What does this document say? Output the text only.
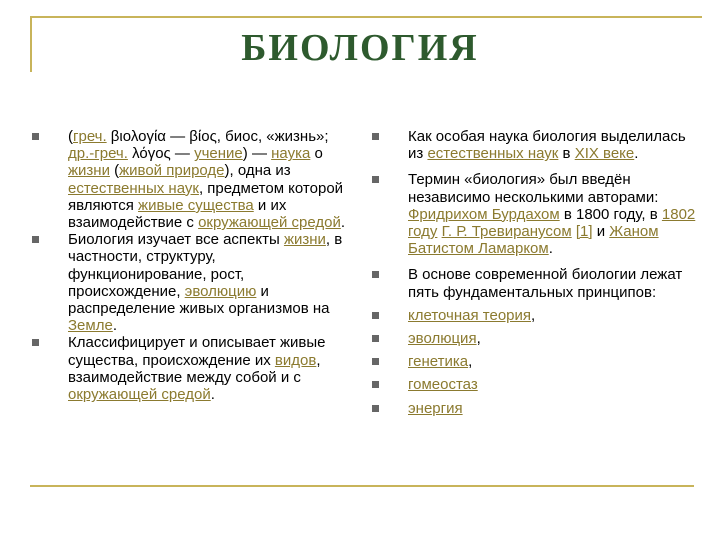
БИОЛОГИЯ
(греч. βιολογία — βίος, биос, «жизнь»; др.-греч. λόγος — учение) — наука о жизни (живой природе), одна из естественных наук, предметом которой являются живые существа и их взаимодействие с окружающей средой.
Биология изучает все аспекты жизни, в частности, структуру, функционирование, рост, происхождение, эволюцию и распределение живых организмов на Земле.
Классифицирует и описывает живые существа, происхождение их видов, взаимодействие между собой и с окружающей средой.
Как особая наука биология выделилась из естественных наук в XIX веке.
Термин «биология» был введён независимо несколькими авторами: Фридрихом Бурдахом в 1800 году, в 1802 году Г. Р. Тревиранусом [1] и Жаном Батистом Ламарком.
В основе современной биологии лежат пять фундаментальных принципов:
клеточная теория,
эволюция,
генетика,
гомеостаз
энергия
